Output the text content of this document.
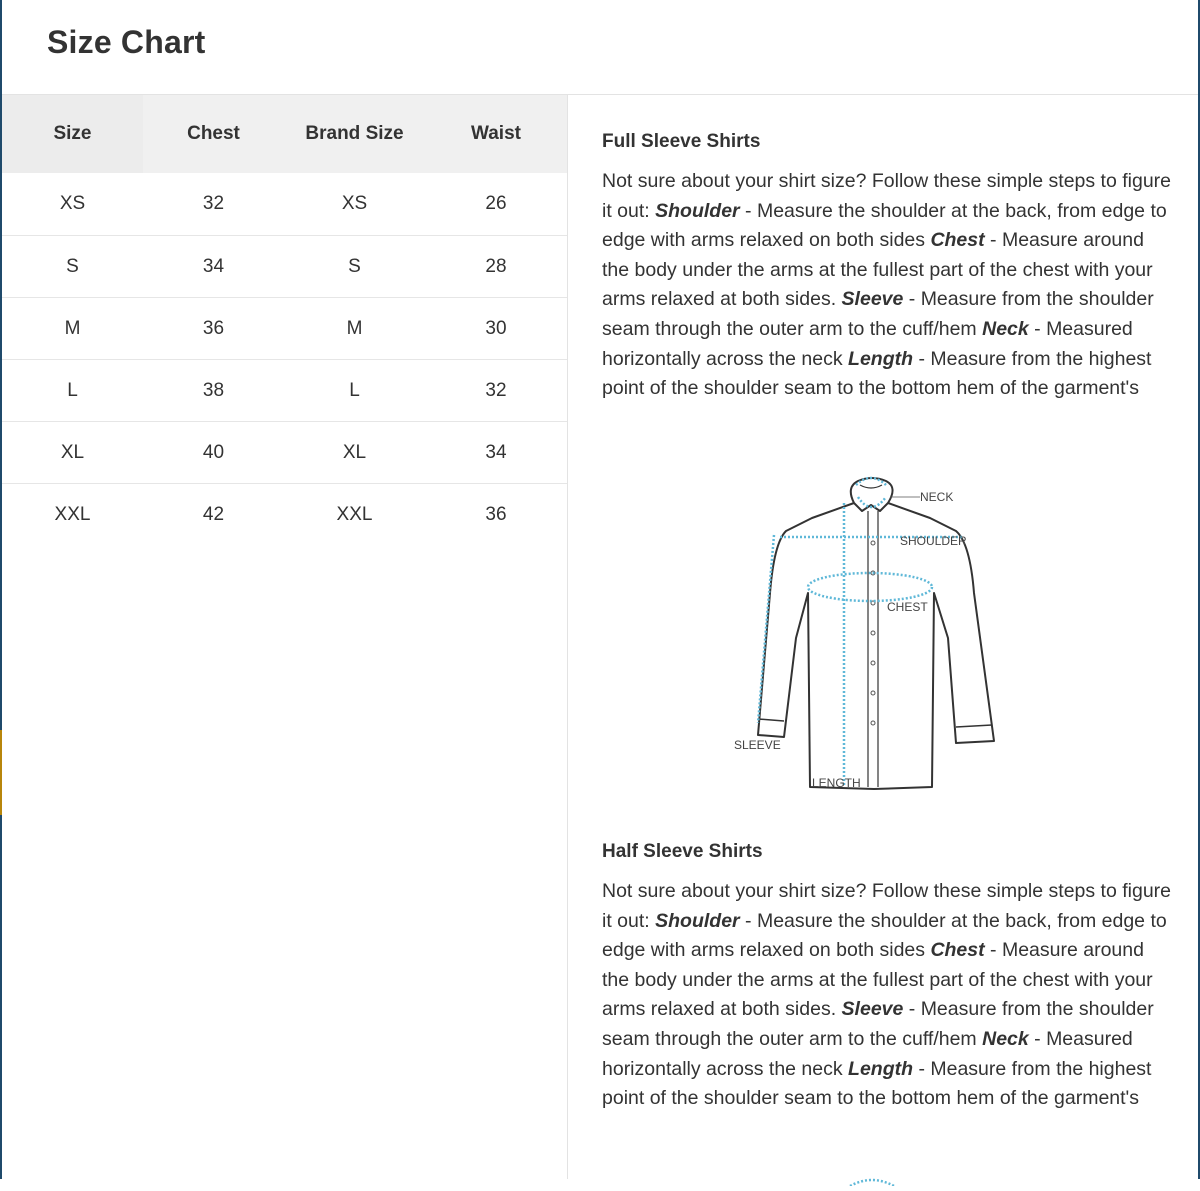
Size Chart
Size	Chest	Brand Size	Waist
XS	32	XS	26
S	34	S	28
M	36	M	30
L	38	L	32
XL	40	XL	34
XXL	42	XXL	36
Full Sleeve Shirts

Not sure about your shirt size? Follow these simple steps to figure it out: Shoulder - Measure the shoulder at the back, from edge to edge with arms relaxed on both sides Chest - Measure around the body under the arms at the fullest part of the chest with your arms relaxed at both sides. Sleeve - Measure from the shoulder seam through the outer arm to the cuff/hem Neck - Measured horizontally across the neck Length - Measure from the highest point of the shoulder seam to the bottom hem of the garment's

NECK
SHOULDER
CHEST
SLEEVE
LENGTH
Half Sleeve Shirts

Not sure about your shirt size? Follow these simple steps to figure it out: Shoulder - Measure the shoulder at the back, from edge to edge with arms relaxed on both sides Chest - Measure around the body under the arms at the fullest part of the chest with your arms relaxed at both sides. Sleeve - Measure from the shoulder seam through the outer arm to the cuff/hem Neck - Measured horizontally across the neck Length - Measure from the highest point of the shoulder seam to the bottom hem of the garment's
